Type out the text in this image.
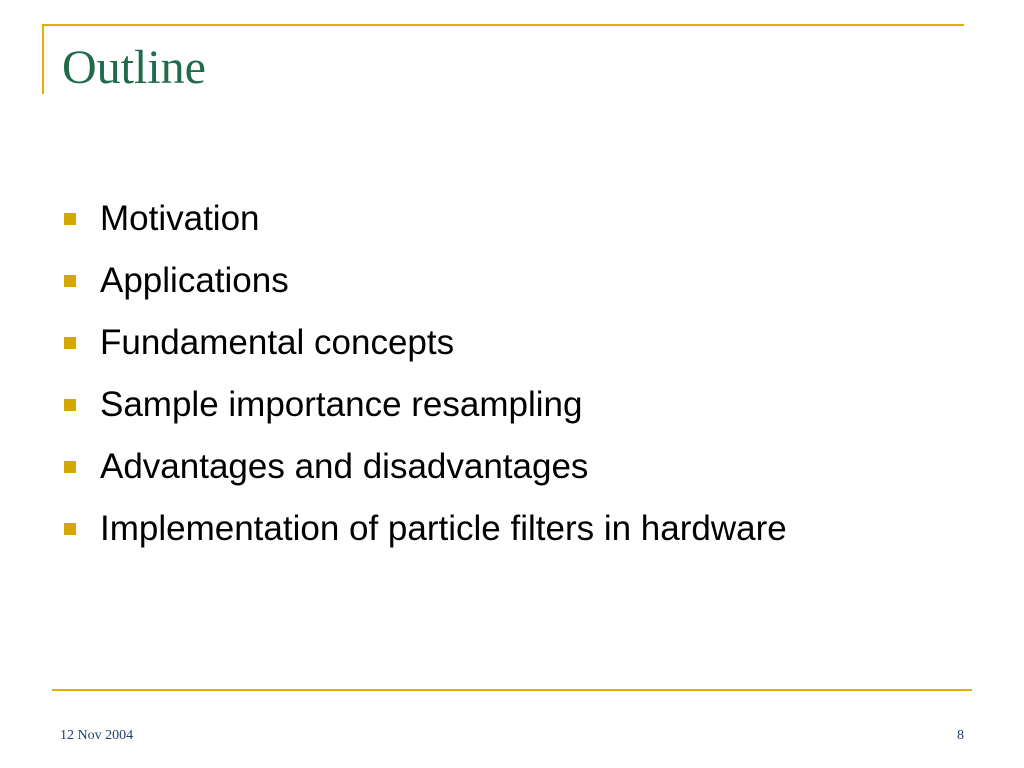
Outline
Motivation
Applications
Fundamental concepts
Sample importance resampling
Advantages and disadvantages
Implementation of particle filters in hardware
12 Nov 2004	8
